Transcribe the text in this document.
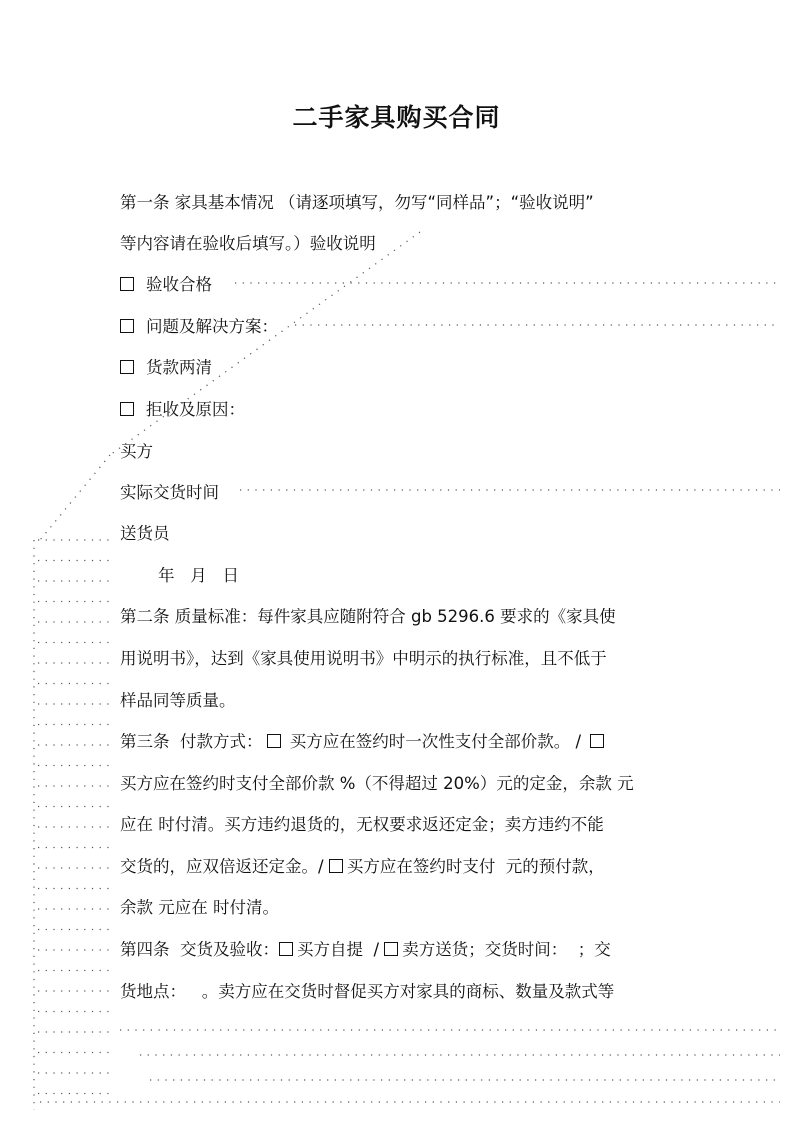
二手家具购买合同
第一条 家具基本情况 （请逐项填写，勿写“同样品”；“验收说明”
等内容请在验收后填写。）验收说明
验收合格
问题及解决方案：
货款两清
拒收及原因：
买方
实际交货时间
送货员
年   月   日
第二条 质量标准：每件家具应随附符合 gb 5296.6 要求的《家具使
用说明书》，达到《家具使用说明书》中明示的执行标准，且不低于
样品同等质量。
第三条  付款方式： 买方应在签约时一次性支付全部价款。 /
买方应在签约时支付全部价款 %（不得超过 20%）元的定金，余款 元
应在 时付清。买方违约退货的，无权要求返还定金；卖方违约不能
交货的，应双倍返还定金。/ 买方应在签约时支付  元的预付款，
余款 元应在 时付清。
第四条  交货及验收： 买方自提  / 卖方送货；交货时间：  ；交
货地点：   。卖方应在交货时督促买方对家具的商标、数量及款式等
